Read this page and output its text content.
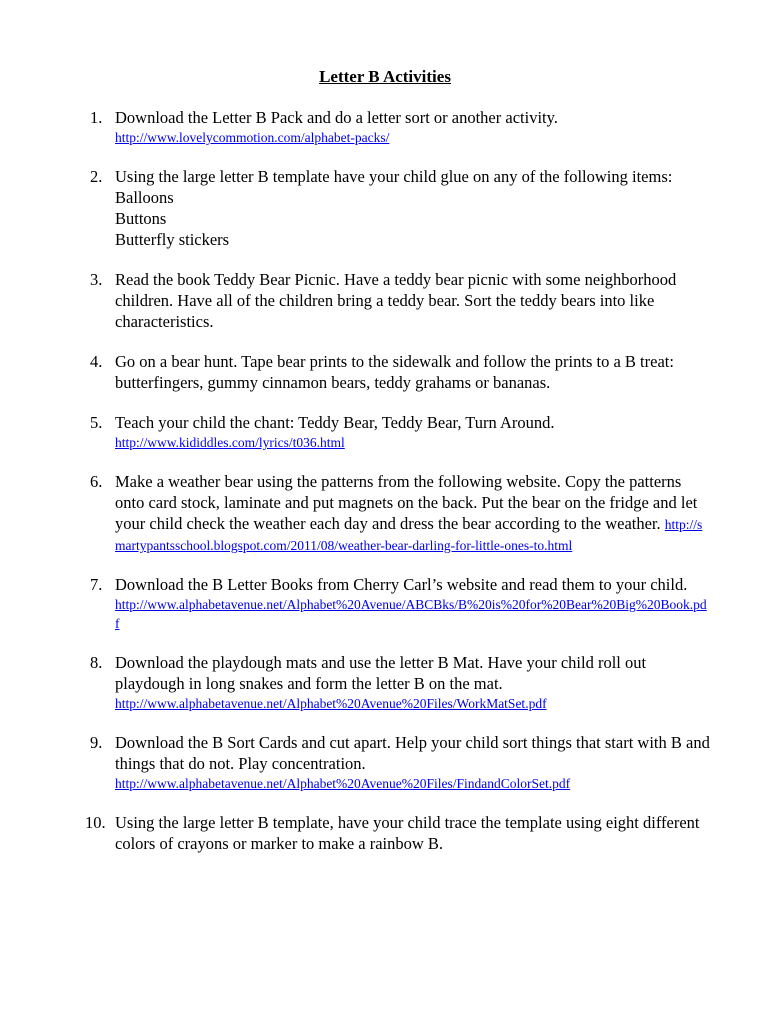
Letter B Activities
1. Download the Letter B Pack and do a letter sort or another activity.

http://www.lovelycommotion.com/alphabet-packs/
2. Using the large letter B template have your child glue on any of the following items:

Balloons

Buttons

Butterfly stickers

3. Read the book Teddy Bear Picnic. Have a teddy bear picnic with some neighborhood children. Have all of the children bring a teddy bear. Sort the teddy bears into like characteristics.

4. Go on a bear hunt. Tape bear prints to the sidewalk and follow the prints to a B treat: butterfingers, gummy cinnamon bears, teddy grahams or bananas.

5. Teach your child the chant: Teddy Bear, Teddy Bear, Turn Around.

http://www.kididdles.com/lyrics/t036.html
6. Make a weather bear using the patterns from the following website. Copy the patterns onto card stock, laminate and put magnets on the back. Put the bear on the fridge and let your child check the weather each day and dress the bear according to the weather. http://smartypantsschool.blogspot.com/2011/08/weather-bear-darling-for-little-ones-to.html

7. Download the B Letter Books from Cherry Carl’s website and read them to your child.

http://www.alphabetavenue.net/Alphabet%20Avenue/ABCBks/B%20is%20for%20Bear%20Big%20Book.pdf
8. Download the playdough mats and use the letter B Mat. Have your child roll out playdough in long snakes and form the letter B on the mat.

http://www.alphabetavenue.net/Alphabet%20Avenue%20Files/WorkMatSet.pdf
9. Download the B Sort Cards and cut apart. Help your child sort things that start with B and things that do not. Play concentration.

http://www.alphabetavenue.net/Alphabet%20Avenue%20Files/FindandColorSet.pdf
10. Using the large letter B template, have your child trace the template using eight different colors of crayons or marker to make a rainbow B.
